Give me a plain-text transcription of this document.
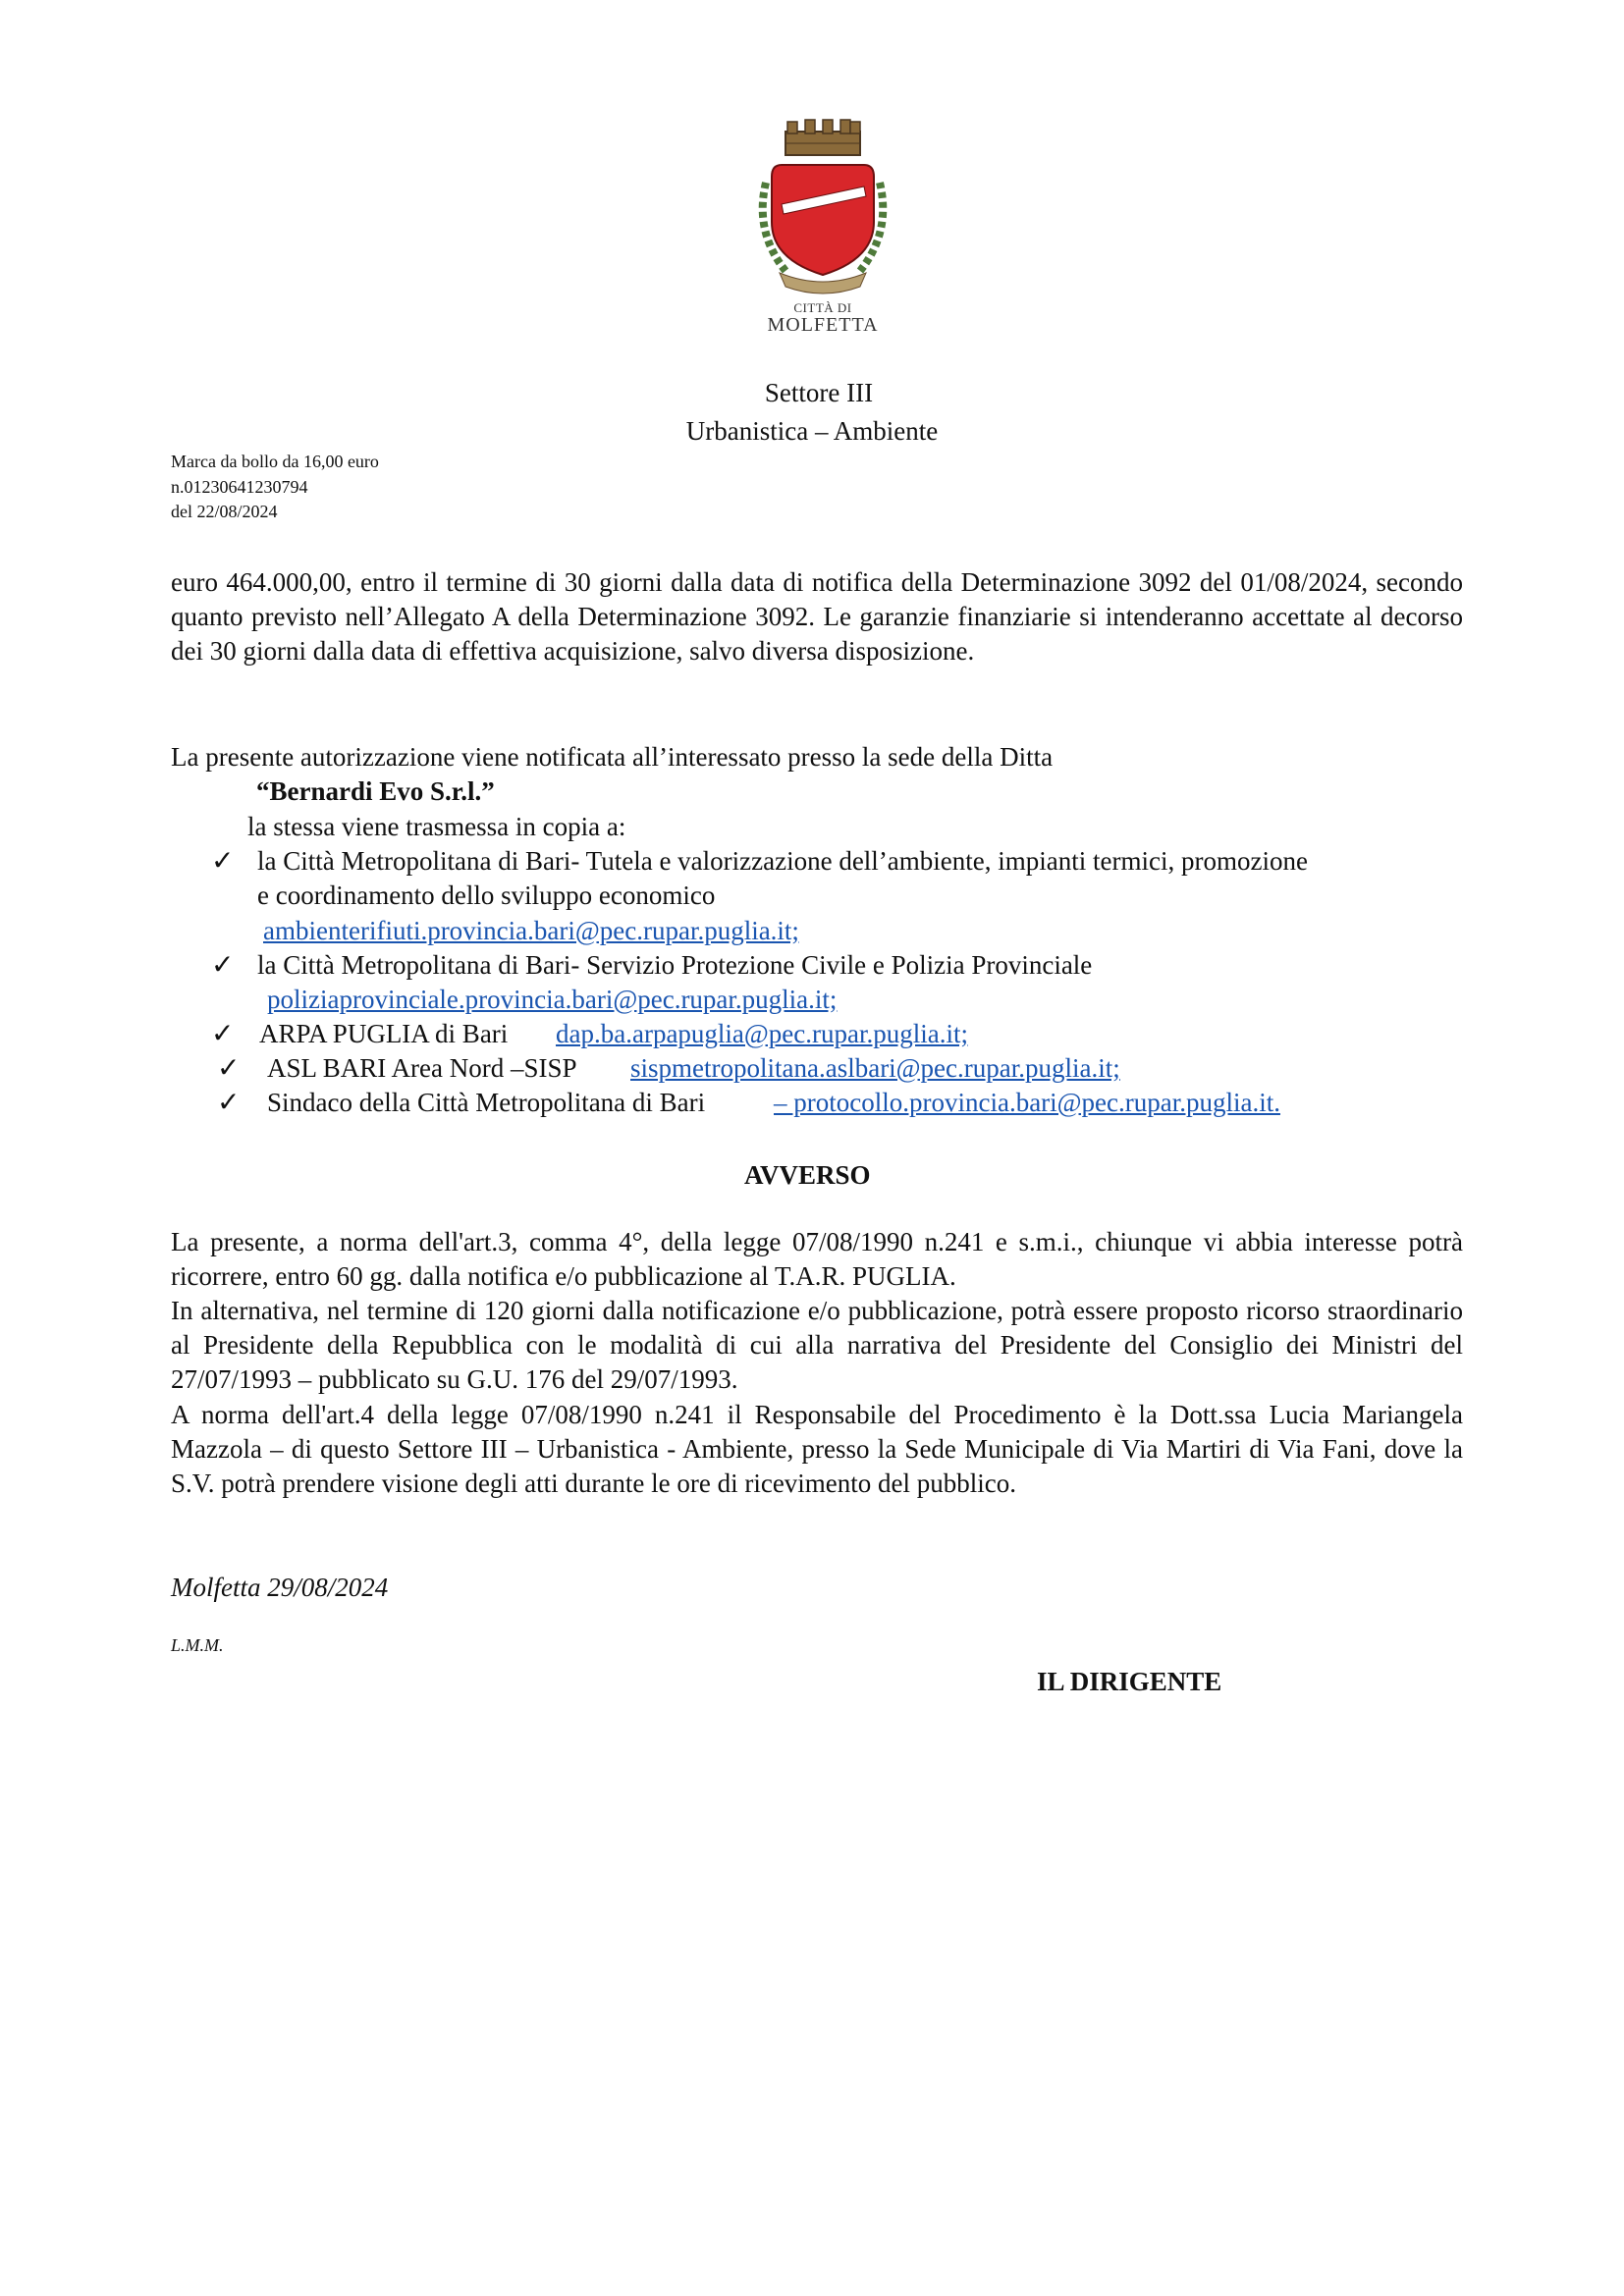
CITTÀ DI
MOLFETTA
Settore III
Urbanistica – Ambiente
Marca da bollo da 16,00 euro
n.01230641230794
del 22/08/2024
euro 464.000,00, entro il termine di 30 giorni dalla data di notifica della Determinazione 3092 del 01/08/2024, secondo quanto previsto nell’Allegato A della Determinazione 3092. Le garanzie finanziarie si intenderanno accettate al decorso dei 30 giorni dalla data di effettiva acquisizione, salvo diversa disposizione.
La presente autorizzazione viene notificata all’interessato presso la sede della Ditta
“Bernardi Evo S.r.l.”
la stessa viene trasmessa in copia a:
✓ la Città Metropolitana di Bari- Tutela e valorizzazione dell’ambiente, impianti termici, promozione
e coordinamento dello sviluppo economico
ambienterifiuti.provincia.bari@pec.rupar.puglia.it;
✓ la Città Metropolitana di Bari- Servizio Protezione Civile e Polizia Provinciale
poliziaprovinciale.provincia.bari@pec.rupar.puglia.it;
✓ ARPA PUGLIA di Bari dap.ba.arpapuglia@pec.rupar.puglia.it;
✓ ASL BARI Area Nord –SISP sispmetropolitana.aslbari@pec.rupar.puglia.it;
✓ Sindaco della Città Metropolitana di Bari	– protocollo.provincia.bari@pec.rupar.puglia.it.
AVVERSO
La presente, a norma dell'art.3, comma 4°, della legge 07/08/1990 n.241 e s.m.i., chiunque vi abbia interesse potrà ricorrere, entro 60 gg. dalla notifica e/o pubblicazione al T.A.R. PUGLIA.
In alternativa, nel termine di 120 giorni dalla notificazione e/o pubblicazione, potrà essere proposto ricorso straordinario al Presidente della Repubblica con le modalità di cui alla narrativa del Presidente del Consiglio dei Ministri del 27/07/1993 – pubblicato su G.U. 176 del 29/07/1993.
A norma dell'art.4 della legge 07/08/1990 n.241 il Responsabile del Procedimento è la Dott.ssa Lucia Mariangela Mazzola – di questo Settore III – Urbanistica - Ambiente, presso la Sede Municipale di Via Martiri di Via Fani, dove la S.V. potrà prendere visione degli atti durante le ore di ricevimento del pubblico.
Molfetta 29/08/2024
L.M.M.
IL DIRIGENTE
